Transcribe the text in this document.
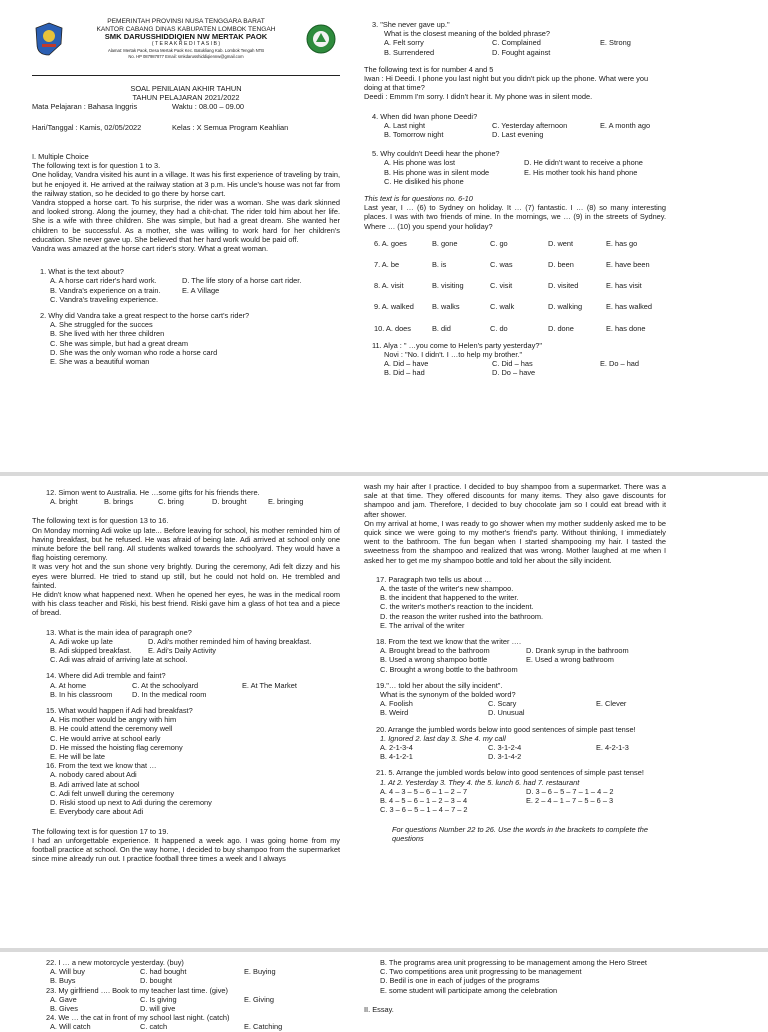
PEMERINTAH PROVINSI NUSA TENGGARA BARAT
KANTOR CABANG DINAS KABUPATEN LOMBOK TENGAH
SMK DARUSSHIDDIQIEN NW MERTAK PAOK
( T E R A K R E D I T A S I B )
Alamat: Mertak Paok, Desa Mertak Paok Kec. Batukliang Kab. Lombok Tengah NTB
No. HP 087987877 Email: smkdarusshiddiqiennw@gmail.com
SOAL PENILAIAN AKHIR TAHUN
TAHUN PELAJARAN 2021/2022
Mata Pelajaran : Bahasa Inggris	Waktu : 08.00 – 09.00
Hari/Tanggal : Kamis, 02/05/2022	Kelas : X Semua Program Keahlian

I. Multiple Choice

The following text is for question 1 to 3.

One holiday, Vandra visited his aunt in a village. It was his first experience of traveling by train, but he enjoyed it. He arrived at the railway station at 3 p.m. His uncle's house was not far from the railway station, so he decided to go there by horse cart.

Vandra stopped a horse cart. To his surprise, the rider was a woman. She was dark skinned and looked strong. Along the journey, they had a chit-chat. The rider told him about her life. She is a wife with three children. She was simple, but had a great dream. She wanted her children to be successful. As a mother, she was willing to work hard for her children's education. She never gave up. She believed that her hard work would be paid off.

Vandra was amazed at the horse cart rider's story. What a great woman.

1. What is the text about?

A. A horse cart rider's hard work.	D. The life story of a horse cart rider.
B. Vandra's experience on a train.	E. A Village
C. Vandra's traveling experience.

2. Why did Vandra take a great respect to the horse cart's rider?

A. She struggled for the succes

B. She lived with her three children

C. She was simple, but had a great dream

D. She was the only woman who rode a horse card

E. She was a beautiful woman

3. "She never gave up."

What is the closest meaning of the bolded phrase?

A. Felt sorry	C. Complained	E. Strong
B. Surrendered	D. Fought against

The following text is for number 4 and 5

Iwan : Hi Deedi. I phone you last night but you didn't pick up the phone. What were you doing at that time?

Deedi : Emmm I'm sorry. I didn't hear it. My phone was in silent mode.

4. When did Iwan phone Deedi?

A. Last night	C. Yesterday afternoon	E. A month ago
B. Tomorrow night	D. Last evening

5. Why couldn't Deedi hear the phone?

A. His phone was lost	D. He didn't want to receive a phone
B. His phone was in silent mode	E. His mother took his hand phone
C. He disliked his phone

This text is for questions no. 6-10

Last year, I … (6) to Sydney on holiday. It … (7) fantastic. I … (8) so many interesting places. I was with two friends of mine. In the mornings, we … (9) in the streets of Sydney. Where … (10) you spend your holiday?

6. A. goes	B. gone	C. go	D. went	E. has go
7. A. be	B. is	C. was	D. been	E. have been
8. A. visit	B. visiting	C. visit	D. visited	E. has visit
9. A. walked	B. walks	C. walk	D. walking	E. has walked
10. A. does	B. did	C. do	D. done	E. has done

11. Alya : " …you come to Helen's party yesterday?"

Novi : "No. I didn't. I …to help my brother."

A. Did – have	C. Did – has	E. Do – had
B. Did – had	D. Do – have

12. Simon went to Australia. He …some gifts for his friends there.

A. bright	B. brings	C. bring	D. brought	E. bringing

The following text is for question 13 to 16.

On Monday morning Adi woke up late... Before leaving for school, his mother reminded him of having breakfast, but he refused. He was afraid of being late. Adi arrived at school only one minute before the bell rang. All students walked towards the schoolyard. They would have a flag hoisting ceremony.

It was very hot and the sun shone very brightly. During the ceremony, Adi felt dizzy and his eyes were blurred. He tried to stand up still, but he could not hold on. He trembled and fainted.

He didn't know what happened next. When he opened her eyes, he was in the medical room with his class teacher and Riski, his best friend. Riski gave him a glass of hot tea and a piece of bread.

13. What is the main idea of paragraph one?

A. Adi woke up late	D. Adi's mother reminded him of having breakfast.
B. Adi skipped breakfast.	E. Adi's Daily Activity

C. Adi was afraid of arriving late at school.

14. Where did Adi tremble and faint?

A. At home	C. At the schoolyard	E. At The Market
B. In his classroom	D. In the medical room

15. What would happen if Adi had breakfast?

A. His mother would be angry with him

B. He could attend the ceremony well

C. He would arrive at school early

D. He missed the hoisting flag ceremony

E. He will be late

16. From the text we know that …

A. nobody cared about Adi

B. Adi arrived late at school

C. Adi felt unwell during the ceremony

D. Riski stood up next to Adi during the ceremony

E. Everybody care about Adi

The following text is for question 17 to 19.

I had an unforgettable experience. It happened a week ago. I was going home from my football practice at school. On the way home, I decided to buy shampoo from the supermarket since mine already run out. I practice football three times a week and I always

wash my hair after I practice. I decided to buy shampoo from a supermarket. There was a sale at that time. They offered discounts for many items. They also gave discounts for shampoo and jam. Therefore, I decided to buy chocolate jam so I could eat bread with it after shower.

On my arrival at home, I was ready to go shower when my mother suddenly asked me to be quick since we were going to my mother's friend's party. Without thinking, I immediately went to the bathroom. The fun began when I started shampooing my hair. I tasted the sweetness from the shampoo and realized that was wrong. Mother laughed at me when I asked her to get me my shampoo bottle and told her about the silly incident.

17. Paragraph two tells us about …

A. the taste of the writer's new shampoo.

B. the incident that happened to the writer.

C. the writer's mother's reaction to the incident.

D. the reason the writer rushed into the bathroom.

E. The arrival of the writer

18. From the text we know that the writer ….

A. Brought bread to the bathroom	D. Drank syrup in the bathroom
B. Used a wrong shampoo bottle	E. Used a wrong bathroom
C. Brought a wrong bottle to the bathroom

19."… told her about the silly incident".

What is the synonym of the bolded word?

A. Foolish	C. Scary	E. Clever
B. Weird	D. Unusual

20. Arrange the jumbled words below into good sentences of simple past tense!

1. Ignored 2. last day 3. She 4. my call

A. 2-1-3-4	C. 3-1-2-4	E. 4-2-1-3
B. 4-1-2-1	D. 3-1-4-2

21. 5. Arrange the jumbled words below into good sentences of simple past tense!

1. At 2. Yesterday 3. They 4. the 5. lunch 6. had 7. restaurant

A. 4 – 3 – 5 – 6 – 1 – 2 – 7	D. 3 – 6 – 5 – 7 – 1 – 4 – 2
B. 4 – 5 – 6 – 1 – 2 – 3 – 4	E. 2 – 4 – 1 – 7 – 5 – 6 – 3
C. 3 – 6 – 5 – 1 – 4 – 7 – 2

For questions Number 22 to 26. Use the words in the brackets to complete the questions

22. I … a new motorcycle yesterday. (buy)

A. Will buy	C. had bought	E. Buying
B. Buys	D. bought

23. My girlfriend …. Book to my teacher last time. (give)

A. Gave	C. Is giving	E. Giving
B. Gives	D. will give

24. We … the cat in front of my school last night. (catch)

A. Will catch	C. catch	E. Catching

B. The programs area unit progressing to be management among the Hero Street

C. Two competitions area unit progressing to be management

D. Bedil is one in each of judges of the programs

E. some student will participate among the celebration

II. Essay.
